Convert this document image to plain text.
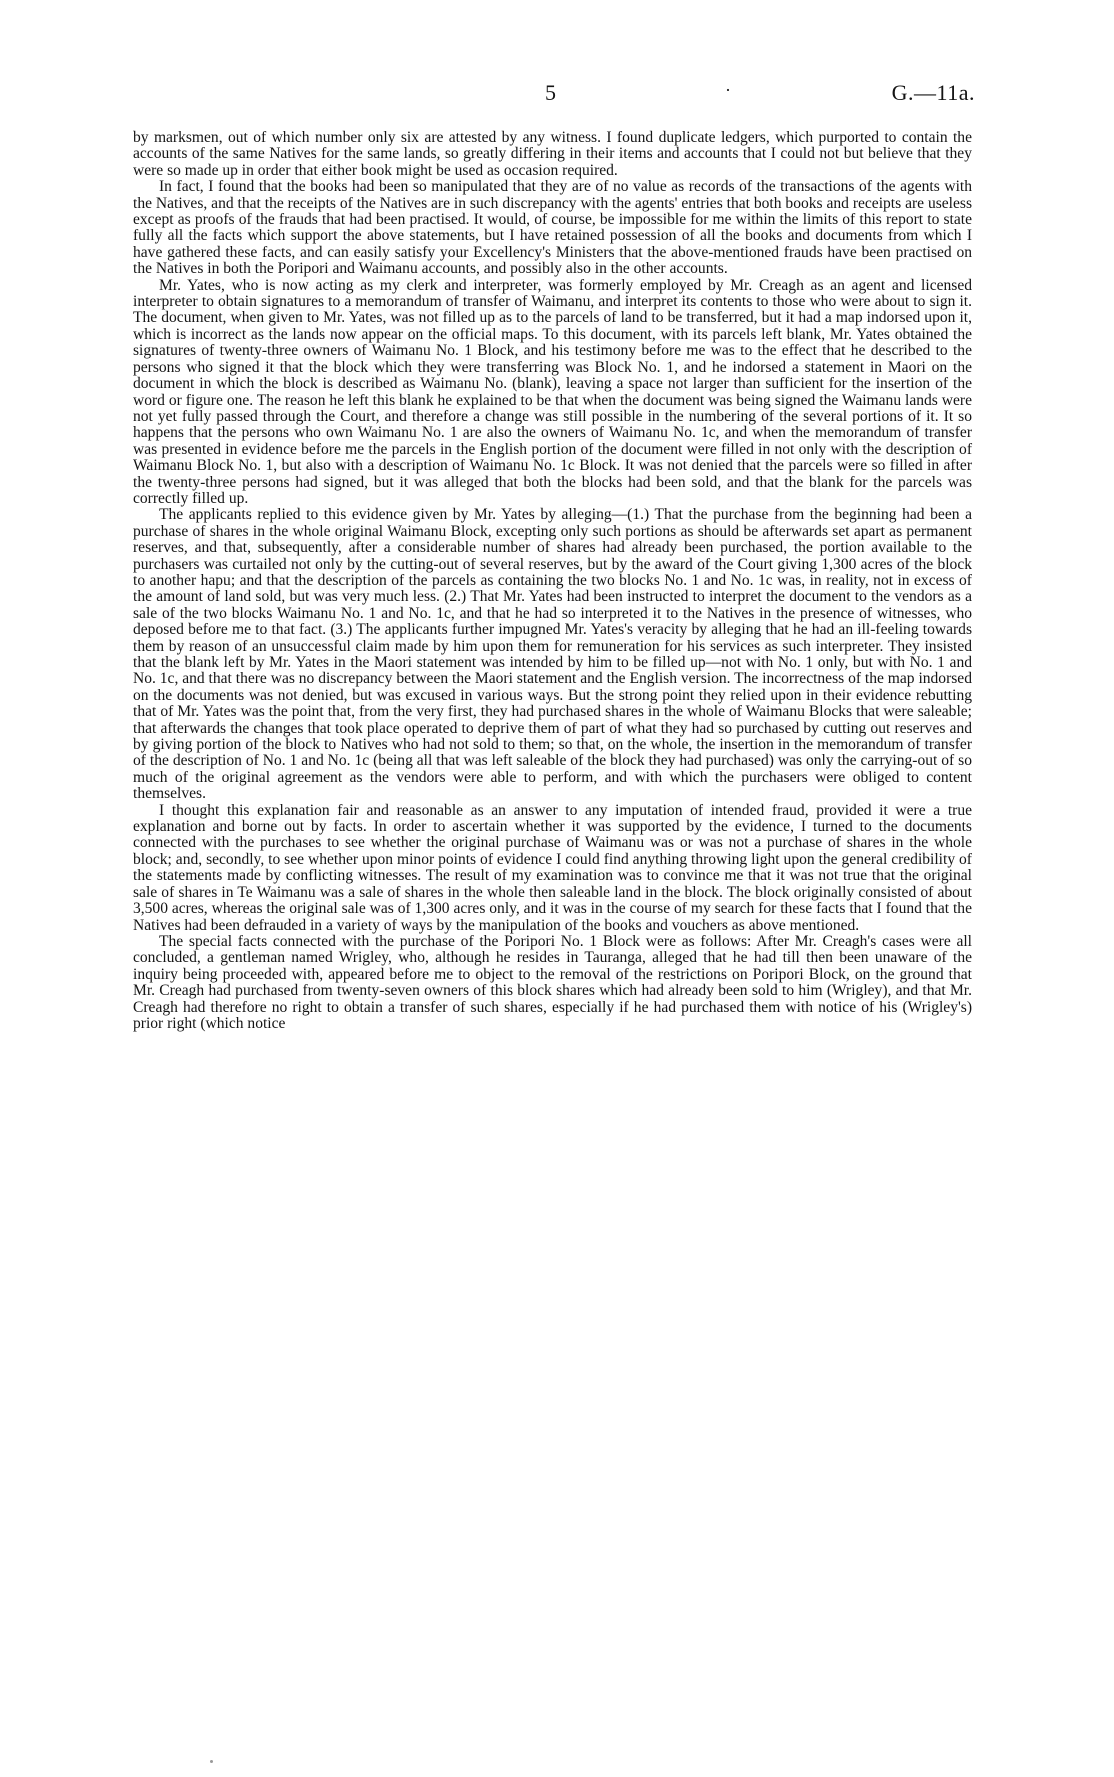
5	·	G.—11a.

by marksmen, out of which number only six are attested by any witness. I found duplicate ledgers, which purported to contain the accounts of the same Natives for the same lands, so greatly differing in their items and accounts that I could not but believe that they were so made up in order that either book might be used as occasion required.

In fact, I found that the books had been so manipulated that they are of no value as records of the transactions of the agents with the Natives, and that the receipts of the Natives are in such discrepancy with the agents' entries that both books and receipts are useless except as proofs of the frauds that had been practised. It would, of course, be impossible for me within the limits of this report to state fully all the facts which support the above statements, but I have retained possession of all the books and documents from which I have gathered these facts, and can easily satisfy your Excellency's Ministers that the above-mentioned frauds have been practised on the Natives in both the Poripori and Waimanu accounts, and possibly also in the other accounts.

Mr. Yates, who is now acting as my clerk and interpreter, was formerly employed by Mr. Creagh as an agent and licensed interpreter to obtain signatures to a memorandum of transfer of Waimanu, and interpret its contents to those who were about to sign it. The document, when given to Mr. Yates, was not filled up as to the parcels of land to be transferred, but it had a map indorsed upon it, which is incorrect as the lands now appear on the official maps. To this document, with its parcels left blank, Mr. Yates obtained the signatures of twenty-three owners of Waimanu No. 1 Block, and his testimony before me was to the effect that he described to the persons who signed it that the block which they were transferring was Block No. 1, and he indorsed a statement in Maori on the document in which the block is described as Waimanu No. (blank), leaving a space not larger than sufficient for the insertion of the word or figure one. The reason he left this blank he explained to be that when the document was being signed the Waimanu lands were not yet fully passed through the Court, and therefore a change was still possible in the numbering of the several portions of it. It so happens that the persons who own Waimanu No. 1 are also the owners of Waimanu No. 1c, and when the memorandum of transfer was presented in evidence before me the parcels in the English portion of the document were filled in not only with the description of Waimanu Block No. 1, but also with a description of Waimanu No. 1c Block. It was not denied that the parcels were so filled in after the twenty-three persons had signed, but it was alleged that both the blocks had been sold, and that the blank for the parcels was correctly filled up.

The applicants replied to this evidence given by Mr. Yates by alleging—(1.) That the purchase from the beginning had been a purchase of shares in the whole original Waimanu Block, excepting only such portions as should be afterwards set apart as permanent reserves, and that, subsequently, after a considerable number of shares had already been purchased, the portion available to the purchasers was curtailed not only by the cutting-out of several reserves, but by the award of the Court giving 1,300 acres of the block to another hapu; and that the description of the parcels as containing the two blocks No. 1 and No. 1c was, in reality, not in excess of the amount of land sold, but was very much less. (2.) That Mr. Yates had been instructed to interpret the document to the vendors as a sale of the two blocks Waimanu No. 1 and No. 1c, and that he had so interpreted it to the Natives in the presence of witnesses, who deposed before me to that fact. (3.) The applicants further impugned Mr. Yates's veracity by alleging that he had an ill-feeling towards them by reason of an unsuccessful claim made by him upon them for remuneration for his services as such interpreter. They insisted that the blank left by Mr. Yates in the Maori statement was intended by him to be filled up—not with No. 1 only, but with No. 1 and No. 1c, and that there was no discrepancy between the Maori statement and the English version. The incorrectness of the map indorsed on the documents was not denied, but was excused in various ways. But the strong point they relied upon in their evidence rebutting that of Mr. Yates was the point that, from the very first, they had purchased shares in the whole of Waimanu Blocks that were saleable; that afterwards the changes that took place operated to deprive them of part of what they had so purchased by cutting out reserves and by giving portion of the block to Natives who had not sold to them; so that, on the whole, the insertion in the memorandum of transfer of the description of No. 1 and No. 1c (being all that was left saleable of the block they had purchased) was only the carrying-out of so much of the original agreement as the vendors were able to perform, and with which the purchasers were obliged to content themselves.

I thought this explanation fair and reasonable as an answer to any imputation of intended fraud, provided it were a true explanation and borne out by facts. In order to ascertain whether it was supported by the evidence, I turned to the documents connected with the purchases to see whether the original purchase of Waimanu was or was not a purchase of shares in the whole block; and, secondly, to see whether upon minor points of evidence I could find anything throwing light upon the general credibility of the statements made by conflicting witnesses. The result of my examination was to convince me that it was not true that the original sale of shares in Te Waimanu was a sale of shares in the whole then saleable land in the block. The block originally consisted of about 3,500 acres, whereas the original sale was of 1,300 acres only, and it was in the course of my search for these facts that I found that the Natives had been defrauded in a variety of ways by the manipulation of the books and vouchers as above mentioned.

The special facts connected with the purchase of the Poripori No. 1 Block were as follows: After Mr. Creagh's cases were all concluded, a gentleman named Wrigley, who, although he resides in Tauranga, alleged that he had till then been unaware of the inquiry being proceeded with, appeared before me to object to the removal of the restrictions on Poripori Block, on the ground that Mr. Creagh had purchased from twenty-seven owners of this block shares which had already been sold to him (Wrigley), and that Mr. Creagh had therefore no right to obtain a transfer of such shares, especially if he had purchased them with notice of his (Wrigley's) prior right (which notice
